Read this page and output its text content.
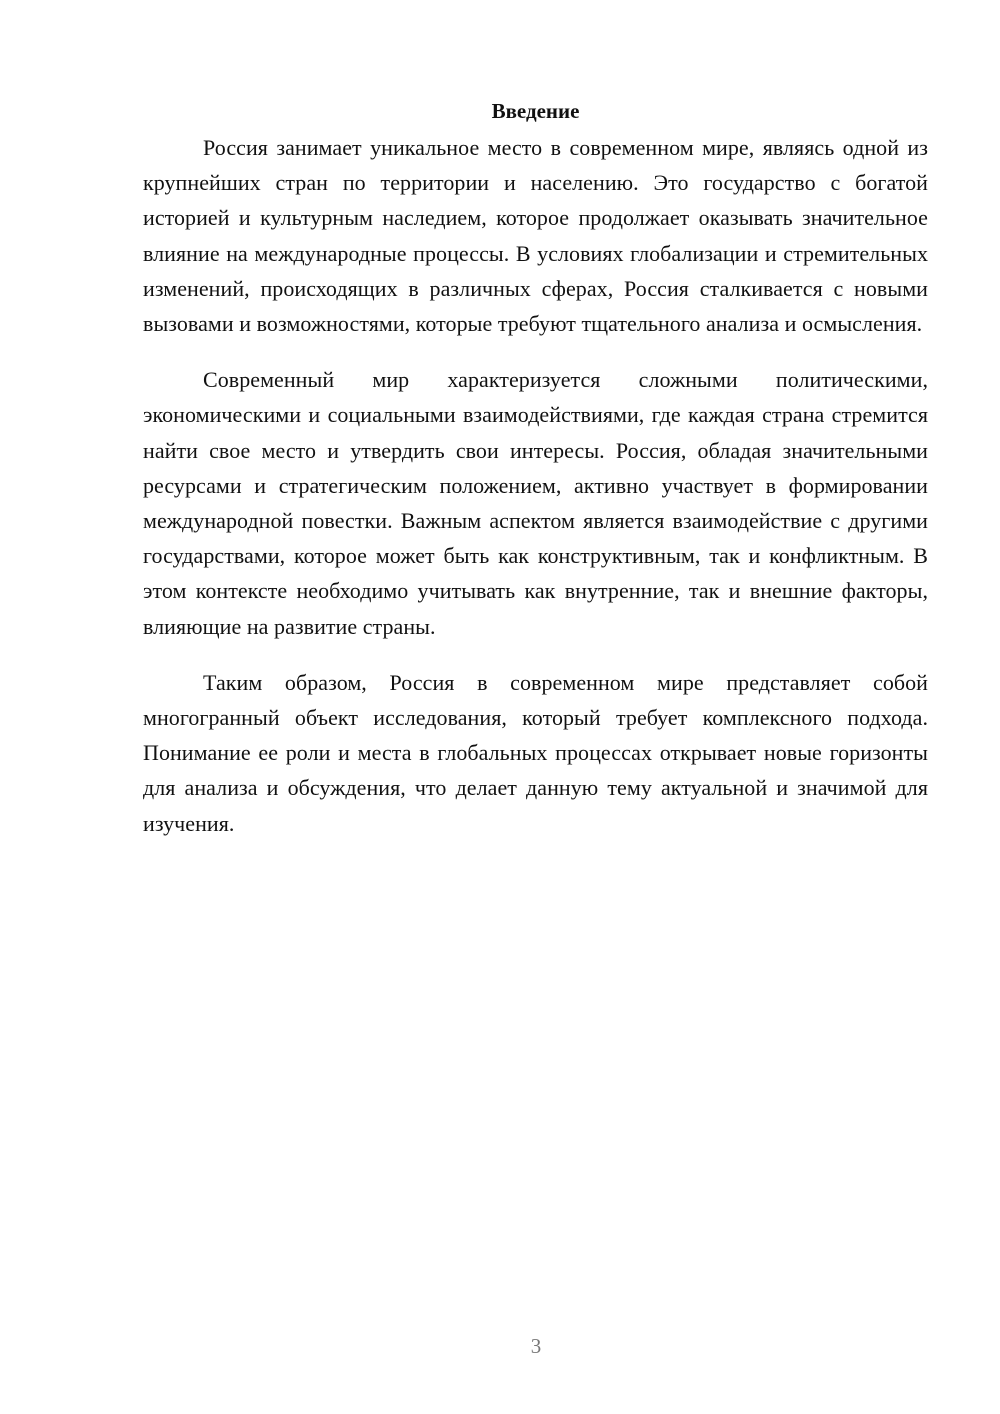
Введение

Россия занимает уникальное место в современном мире, являясь одной из крупнейших стран по территории и населению. Это государство с богатой историей и культурным наследием, которое продолжает оказывать значительное влияние на международные процессы. В условиях глобализации и стремительных изменений, происходящих в различных сферах, Россия сталкивается с новыми вызовами и возможностями, которые требуют тщательного анализа и осмысления.

Современный мир характеризуется сложными политическими, экономическими и социальными взаимодействиями, где каждая страна стремится найти свое место и утвердить свои интересы. Россия, обладая значительными ресурсами и стратегическим положением, активно участвует в формировании международной повестки. Важным аспектом является взаимодействие с другими государствами, которое может быть как конструктивным, так и конфликтным. В этом контексте необходимо учитывать как внутренние, так и внешние факторы, влияющие на развитие страны.

Таким образом, Россия в современном мире представляет собой многогранный объект исследования, который требует комплексного подхода. Понимание ее роли и места в глобальных процессах открывает новые горизонты для анализа и обсуждения, что делает данную тему актуальной и значимой для изучения.

3
